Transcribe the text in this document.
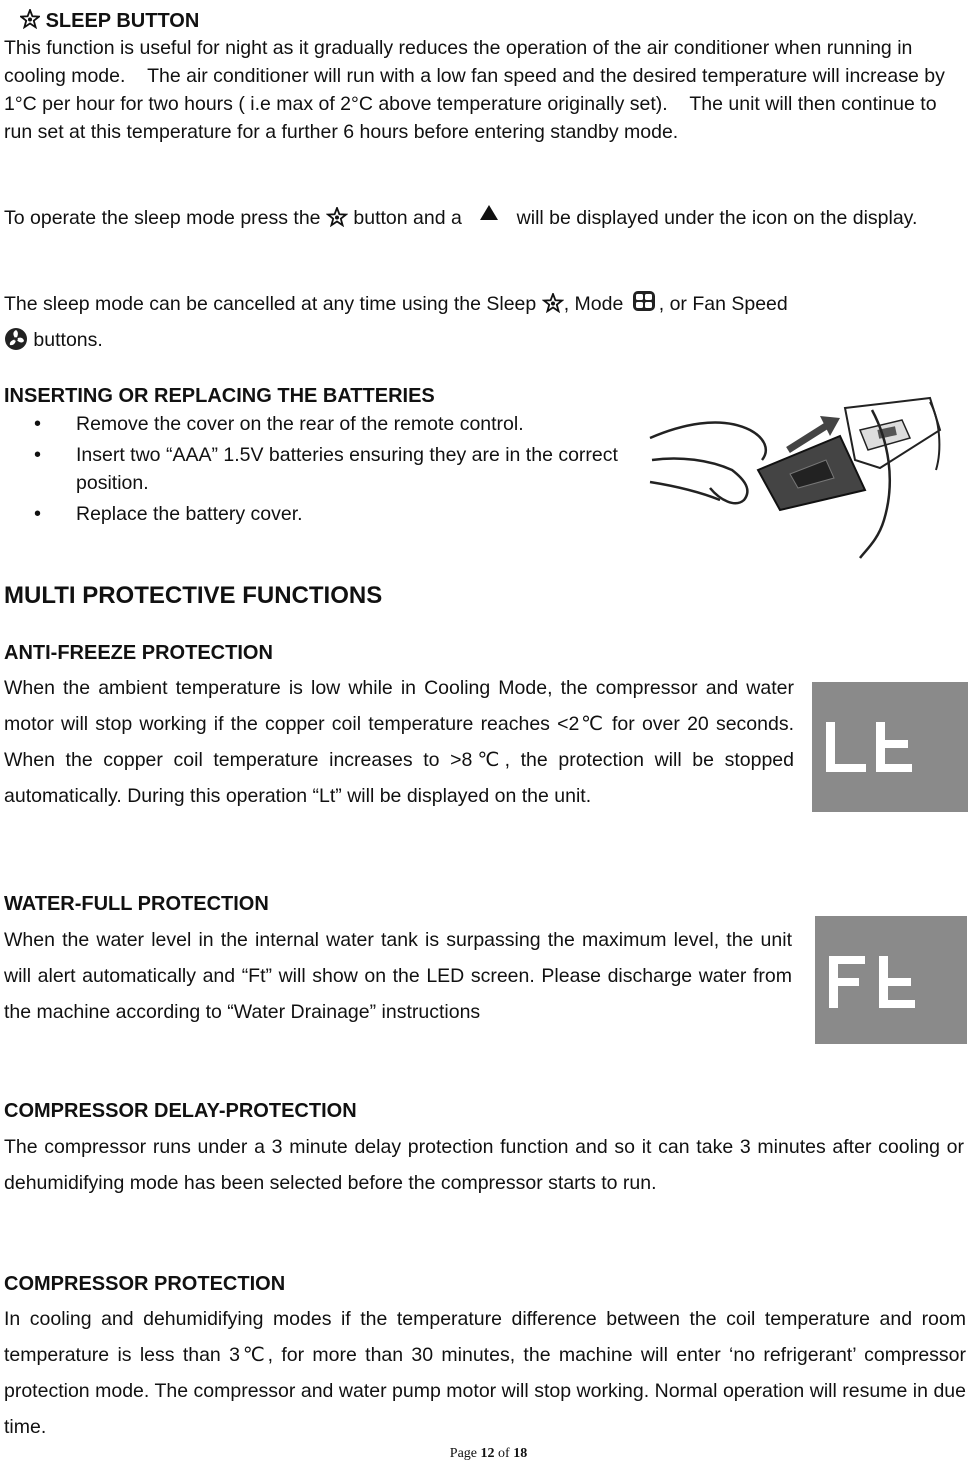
SLEEP BUTTON
This function is useful for night as it gradually reduces the operation of the air conditioner when running in cooling mode.    The air conditioner will run with a low fan speed and the desired temperature will increase by 1°C per hour for two hours ( i.e max of 2°C above temperature originally set).    The unit will then continue to run set at this temperature for a further 6 hours before entering standby mode.
To operate the sleep mode press the button and a	will be displayed under the icon on the display.
The sleep mode can be cancelled at any time using the Sleep , Mode , or Fan Speed
buttons.
INSERTING OR REPLACING THE BATTERIES
• Remove the cover on the rear of the remote control.
• Insert two “AAA” 1.5V batteries ensuring they are in the correct position.
• Replace the battery cover.
MULTI PROTECTIVE FUNCTIONS
ANTI-FREEZE PROTECTION
When the ambient temperature is low while in Cooling Mode, the compressor and water motor will stop working if the copper coil temperature reaches <2℃ for over 20 seconds. When the copper coil temperature increases to >8℃, the protection will be stopped automatically. During this operation “Lt” will be displayed on the unit.
WATER-FULL PROTECTION
When the water level in the internal water tank is surpassing the maximum level, the unit will alert automatically and “Ft” will show on the LED screen. Please discharge water from the machine according to “Water Drainage” instructions
COMPRESSOR DELAY-PROTECTION
The compressor runs under a 3 minute delay protection function and so it can take 3 minutes after cooling or dehumidifying mode has been selected before the compressor starts to run.
COMPRESSOR PROTECTION
In cooling and dehumidifying modes if the temperature difference between the coil temperature and room temperature is less than 3℃, for more than 30 minutes, the machine will enter ‘no refrigerant’ compressor protection mode. The compressor and water pump motor will stop working. Normal operation will resume in due time.
Page 12 of 18
